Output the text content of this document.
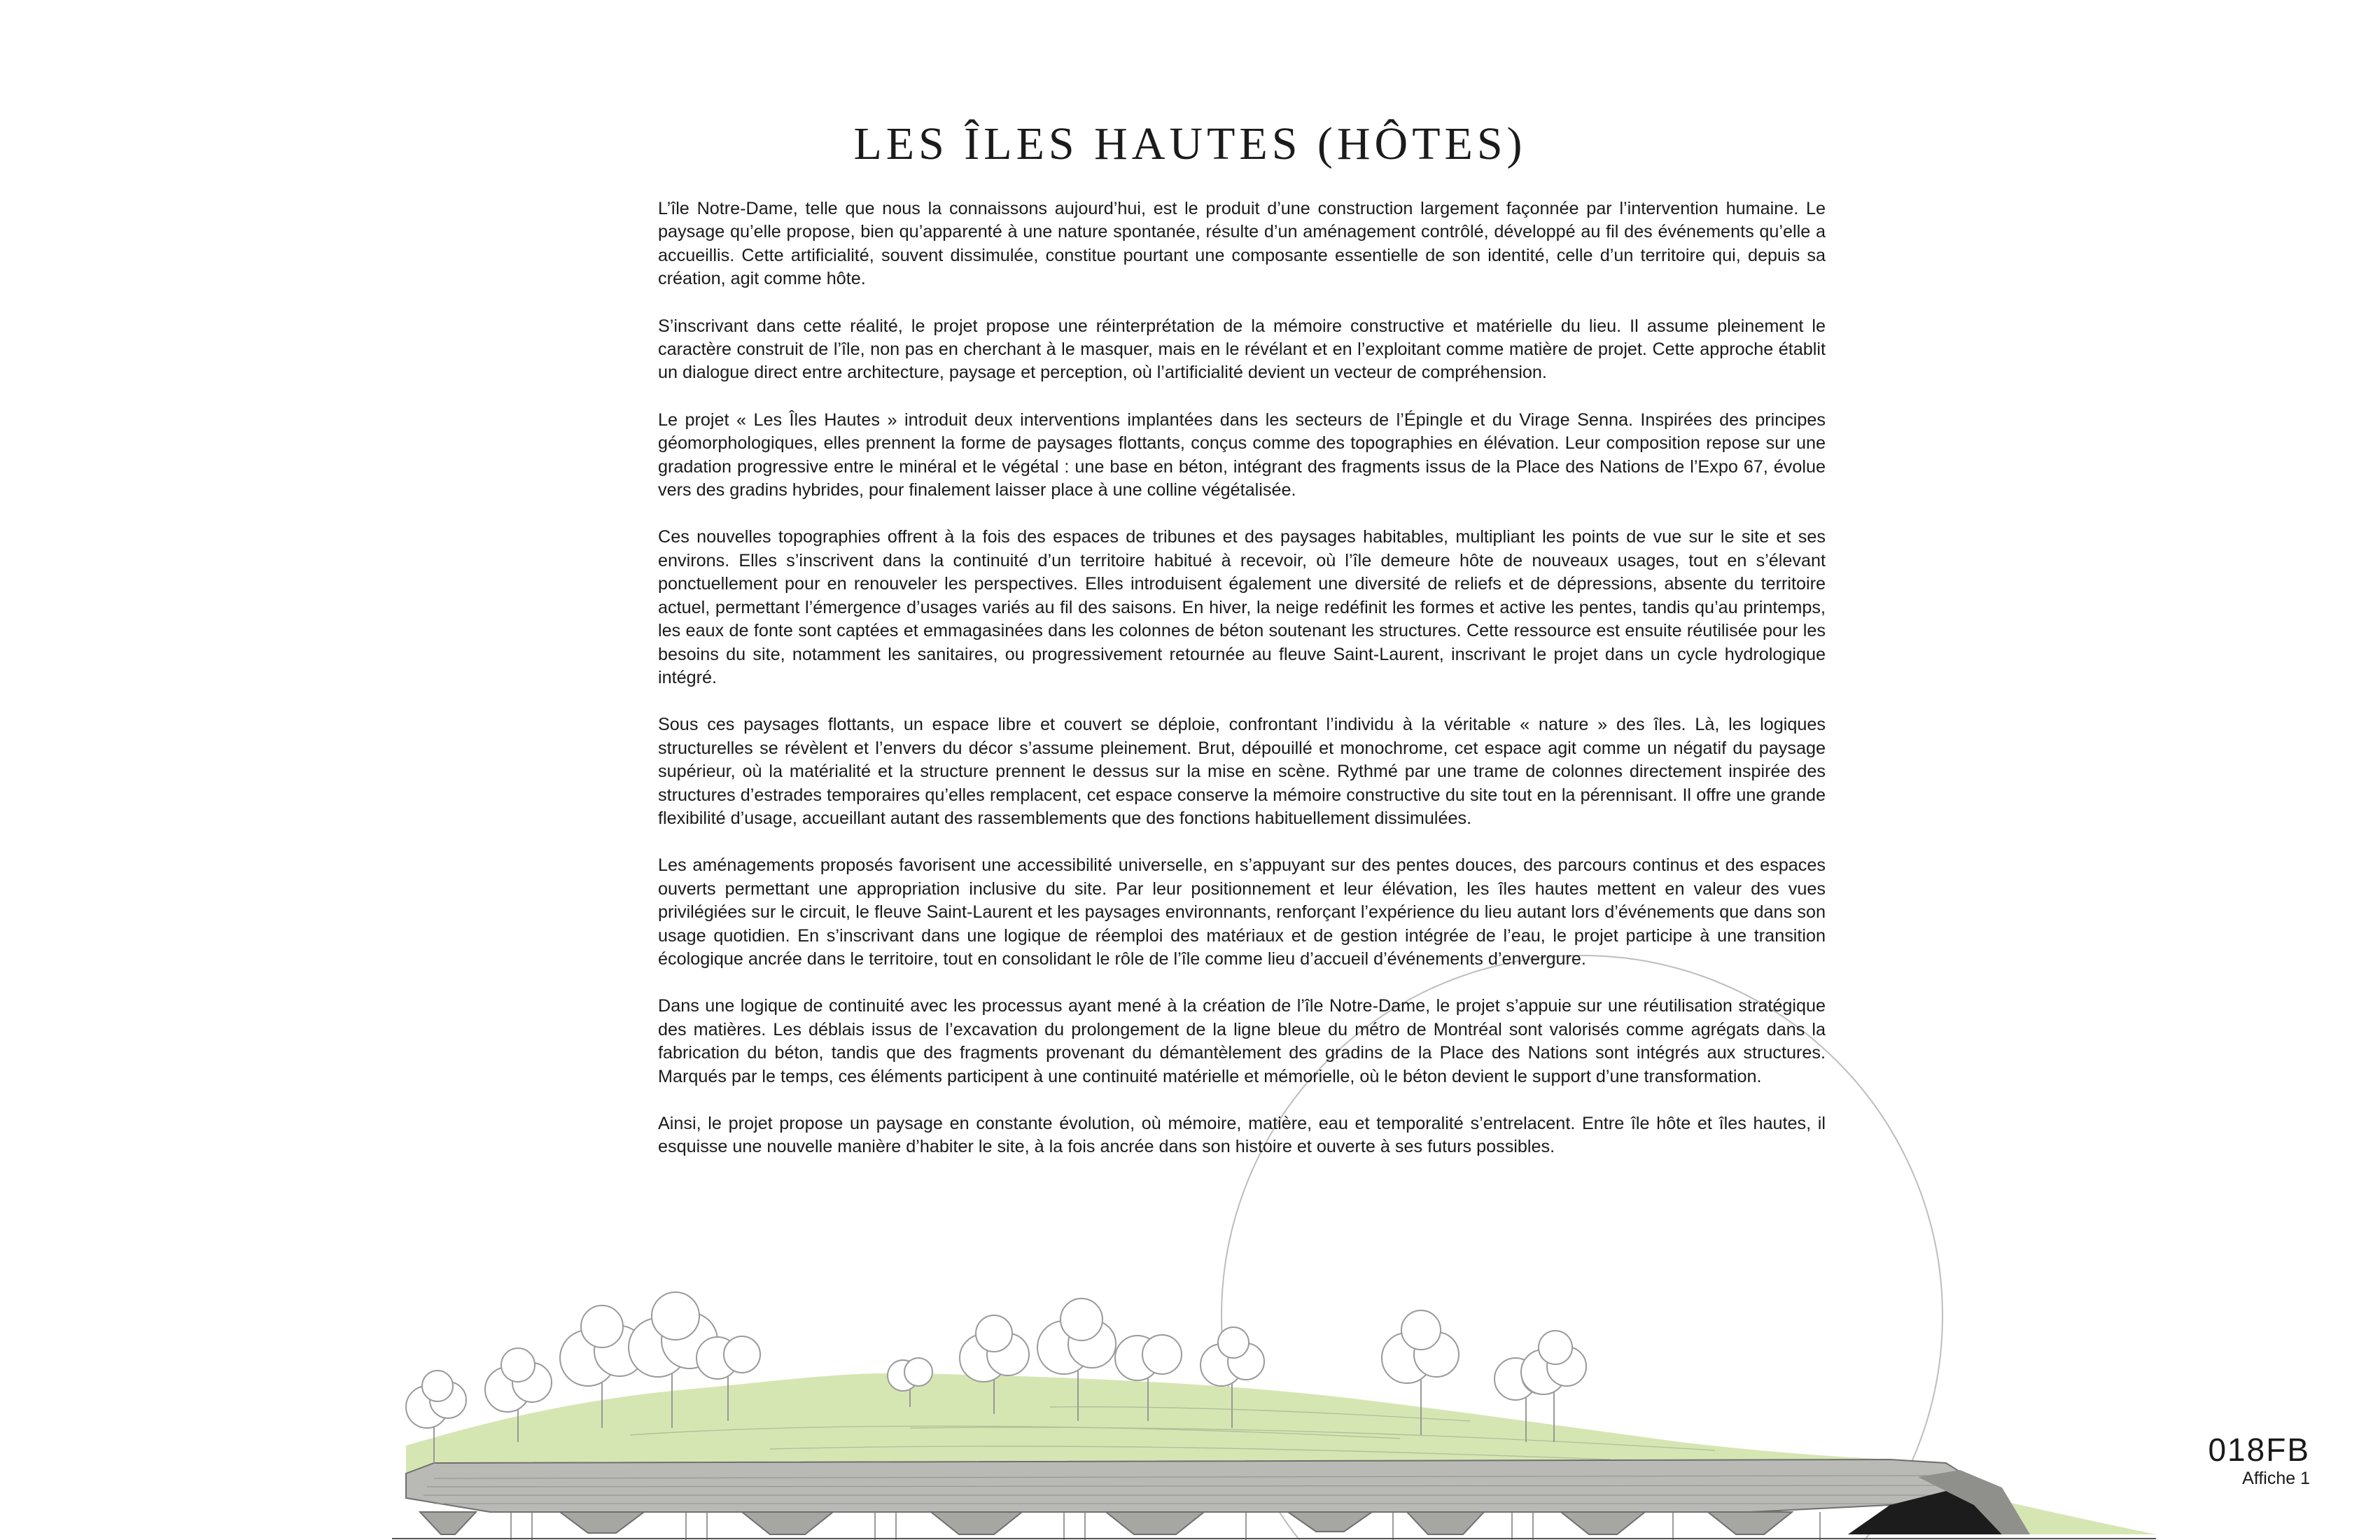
LES ÎLES HAUTES (HÔTES)

L’île Notre-Dame, telle que nous la connaissons aujourd’hui, est le produit d’une construction largement façonnée par l’intervention humaine. Le paysage qu’elle propose, bien qu’apparenté à une nature spontanée, résulte d’un aménagement contrôlé, développé au fil des événements qu’elle a accueillis. Cette artificialité, souvent dissimulée, constitue pourtant une composante essentielle de son identité, celle d’un territoire qui, depuis sa création, agit comme hôte.

S’inscrivant dans cette réalité, le projet propose une réinterprétation de la mémoire constructive et matérielle du lieu. Il assume pleinement le caractère construit de l’île, non pas en cherchant à le masquer, mais en le révélant et en l’exploitant comme matière de projet. Cette approche établit un dialogue direct entre architecture, paysage et perception, où l’artificialité devient un vecteur de compréhension.

Le projet « Les Îles Hautes » introduit deux interventions implantées dans les secteurs de l’Épingle et du Virage Senna. Inspirées des principes géomorphologiques, elles prennent la forme de paysages flottants, conçus comme des topographies en élévation. Leur composition repose sur une gradation progressive entre le minéral et le végétal : une base en béton, intégrant des fragments issus de la Place des Nations de l’Expo 67, évolue vers des gradins hybrides, pour finalement laisser place à une colline végétalisée.

Ces nouvelles topographies offrent à la fois des espaces de tribunes et des paysages habitables, multipliant les points de vue sur le site et ses environs. Elles s’inscrivent dans la continuité d’un territoire habitué à recevoir, où l’île demeure hôte de nouveaux usages, tout en s’élevant ponctuellement pour en renouveler les perspectives. Elles introduisent également une diversité de reliefs et de dépressions, absente du territoire actuel, permettant l’émergence d’usages variés au fil des saisons. En hiver, la neige redéfinit les formes et active les pentes, tandis qu’au printemps, les eaux de fonte sont captées et emmagasinées dans les colonnes de béton soutenant les structures. Cette ressource est ensuite réutilisée pour les besoins du site, notamment les sanitaires, ou progressivement retournée au fleuve Saint-Laurent, inscrivant le projet dans un cycle hydrologique intégré.

Sous ces paysages flottants, un espace libre et couvert se déploie, confrontant l’individu à la véritable « nature » des îles. Là, les logiques structurelles se révèlent et l’envers du décor s’assume pleinement. Brut, dépouillé et monochrome, cet espace agit comme un négatif du paysage supérieur, où la matérialité et la structure prennent le dessus sur la mise en scène. Rythmé par une trame de colonnes directement inspirée des structures d’estrades temporaires qu’elles remplacent, cet espace conserve la mémoire constructive du site tout en la pérennisant. Il offre une grande flexibilité d’usage, accueillant autant des rassemblements que des fonctions habituellement dissimulées.

Les aménagements proposés favorisent une accessibilité universelle, en s’appuyant sur des pentes douces, des parcours continus et des espaces ouverts permettant une appropriation inclusive du site. Par leur positionnement et leur élévation, les îles hautes mettent en valeur des vues privilégiées sur le circuit, le fleuve Saint-Laurent et les paysages environnants, renforçant l’expérience du lieu autant lors d’événements que dans son usage quotidien. En s’inscrivant dans une logique de réemploi des matériaux et de gestion intégrée de l’eau, le projet participe à une transition écologique ancrée dans le territoire, tout en consolidant le rôle de l’île comme lieu d’accueil d’événements d’envergure.

Dans une logique de continuité avec les processus ayant mené à la création de l’île Notre-Dame, le projet s’appuie sur une réutilisation stratégique des matières. Les déblais issus de l’excavation du prolongement de la ligne bleue du métro de Montréal sont valorisés comme agrégats dans la fabrication du béton, tandis que des fragments provenant du démantèlement des gradins de la Place des Nations sont intégrés aux structures. Marqués par le temps, ces éléments participent à une continuité matérielle et mémorielle, où le béton devient le support d’une transformation.

Ainsi, le projet propose un paysage en constante évolution, où mémoire, matière, eau et temporalité s’entrelacent. Entre île hôte et îles hautes, il esquisse une nouvelle manière d’habiter le site, à la fois ancrée dans son histoire et ouverte à ses futurs possibles.

018FB
Affiche 1
